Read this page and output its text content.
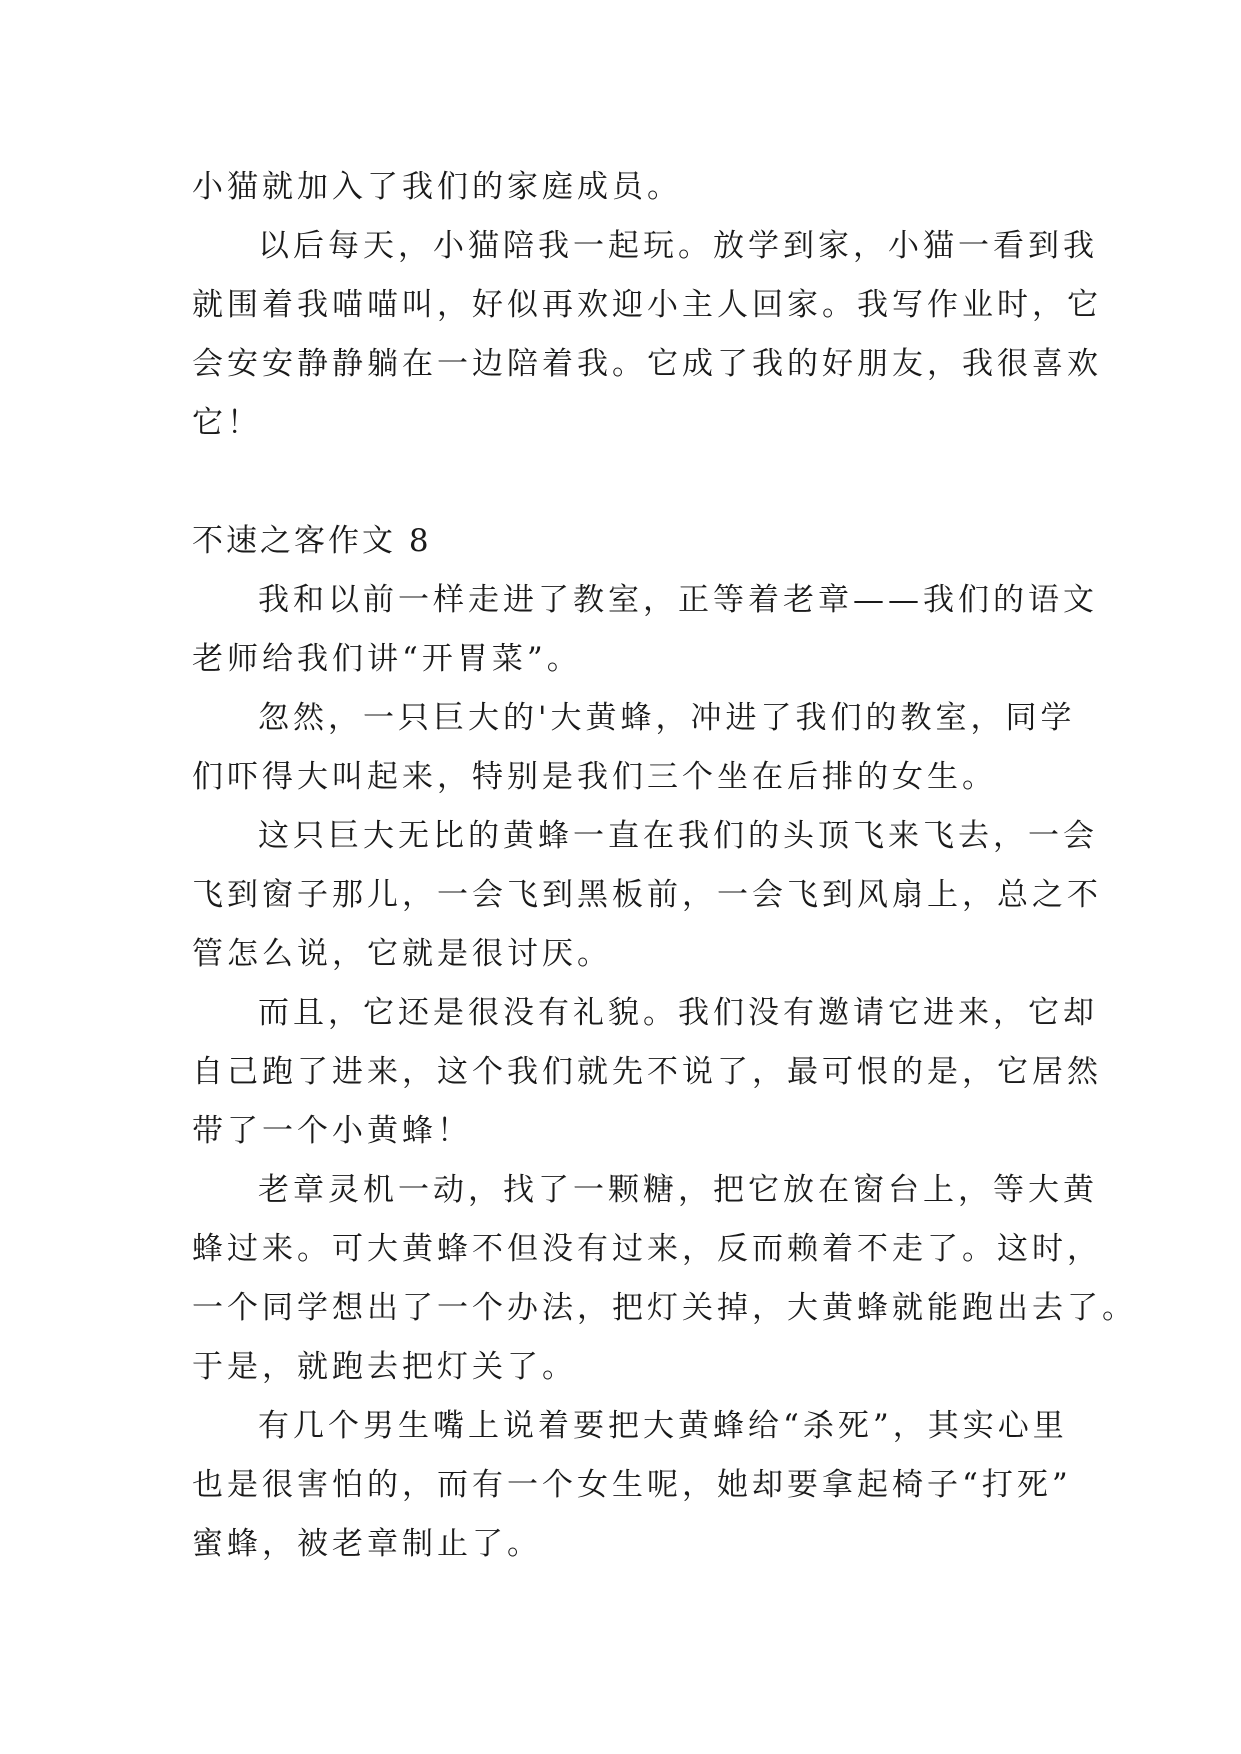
小猫就加入了我们的家庭成员。
以后每天，小猫陪我一起玩。放学到家，小猫一看到我
就围着我喵喵叫，好似再欢迎小主人回家。我写作业时，它
会安安静静躺在一边陪着我。它成了我的好朋友，我很喜欢
它！
不速之客作文 8
我和以前一样走进了教室，正等着老章——我们的语文
老师给我们讲“开胃菜”。
忽然，一只巨大的'大黄蜂，冲进了我们的教室，同学
们吓得大叫起来，特别是我们三个坐在后排的女生。
这只巨大无比的黄蜂一直在我们的头顶飞来飞去，一会
飞到窗子那儿，一会飞到黑板前，一会飞到风扇上，总之不
管怎么说，它就是很讨厌。
而且，它还是很没有礼貌。我们没有邀请它进来，它却
自己跑了进来，这个我们就先不说了，最可恨的是，它居然
带了一个小黄蜂！
老章灵机一动，找了一颗糖，把它放在窗台上，等大黄
蜂过来。可大黄蜂不但没有过来，反而赖着不走了。这时，
一个同学想出了一个办法，把灯关掉，大黄蜂就能跑出去了。
于是，就跑去把灯关了。
有几个男生嘴上说着要把大黄蜂给“杀死”，其实心里
也是很害怕的，而有一个女生呢，她却要拿起椅子“打死”
蜜蜂，被老章制止了。
